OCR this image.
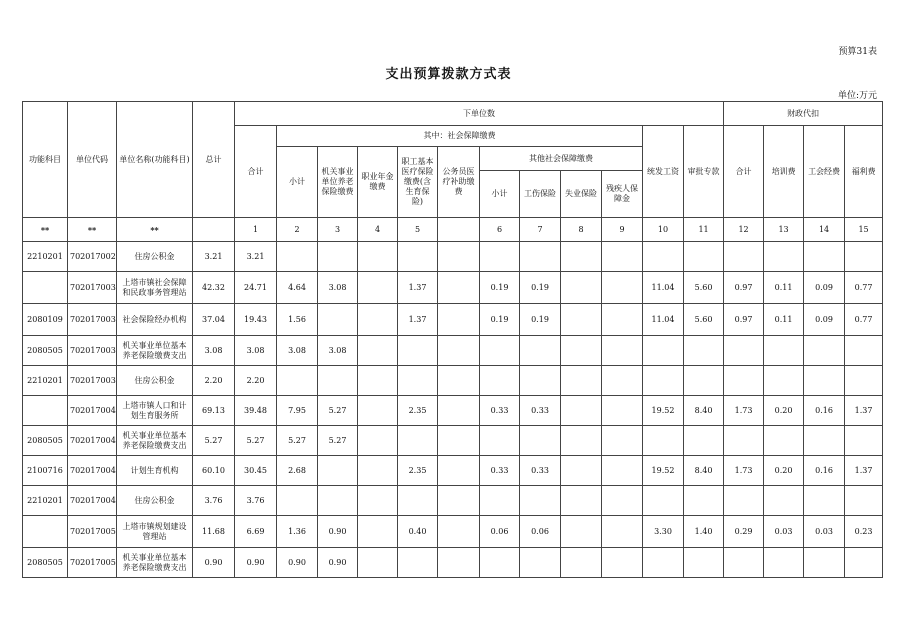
预算31表
支出预算拨款方式表
单位:万元
功能科目	单位代码	单位名称(功能科目)	总计	下单位数												财政代扣			
				合计	其中：社会保障缴费									统发工资	审批专款	合计	培训费	工会经费	福利费
					小计	机关事业单位养老保险缴费	职业年金缴费	职工基本医疗保险缴费(含生育保险)	公务员医疗补助缴费	其他社会保障缴费									
										小计	工伤保险	失业保险	残疾人保障金						
**	**	**		1	2	3	4	5		6	7	8	9	10	11	12	13	14	15
2210201	702017002	住房公积金	3.21	3.21															
	702017003	上塔市镇社会保障和民政事务管理站	42.32	24.71	4.64	3.08		1.37		0.19	0.19			11.04	5.60	0.97	0.11	0.09	0.77
2080109	702017003	社会保险经办机构	37.04	19.43	1.56			1.37		0.19	0.19			11.04	5.60	0.97	0.11	0.09	0.77
2080505	702017003	机关事业单位基本养老保险缴费支出	3.08	3.08	3.08	3.08													
2210201	702017003	住房公积金	2.20	2.20															
	702017004	上塔市镇人口和计划生育服务所	69.13	39.48	7.95	5.27		2.35		0.33	0.33			19.52	8.40	1.73	0.20	0.16	1.37
2080505	702017004	机关事业单位基本养老保险缴费支出	5.27	5.27	5.27	5.27													
2100716	702017004	计划生育机构	60.10	30.45	2.68			2.35		0.33	0.33			19.52	8.40	1.73	0.20	0.16	1.37
2210201	702017004	住房公积金	3.76	3.76															
	702017005	上塔市镇规划建设管理站	11.68	6.69	1.36	0.90		0.40		0.06	0.06			3.30	1.40	0.29	0.03	0.03	0.23
2080505	702017005	机关事业单位基本养老保险缴费支出	0.90	0.90	0.90	0.90													
